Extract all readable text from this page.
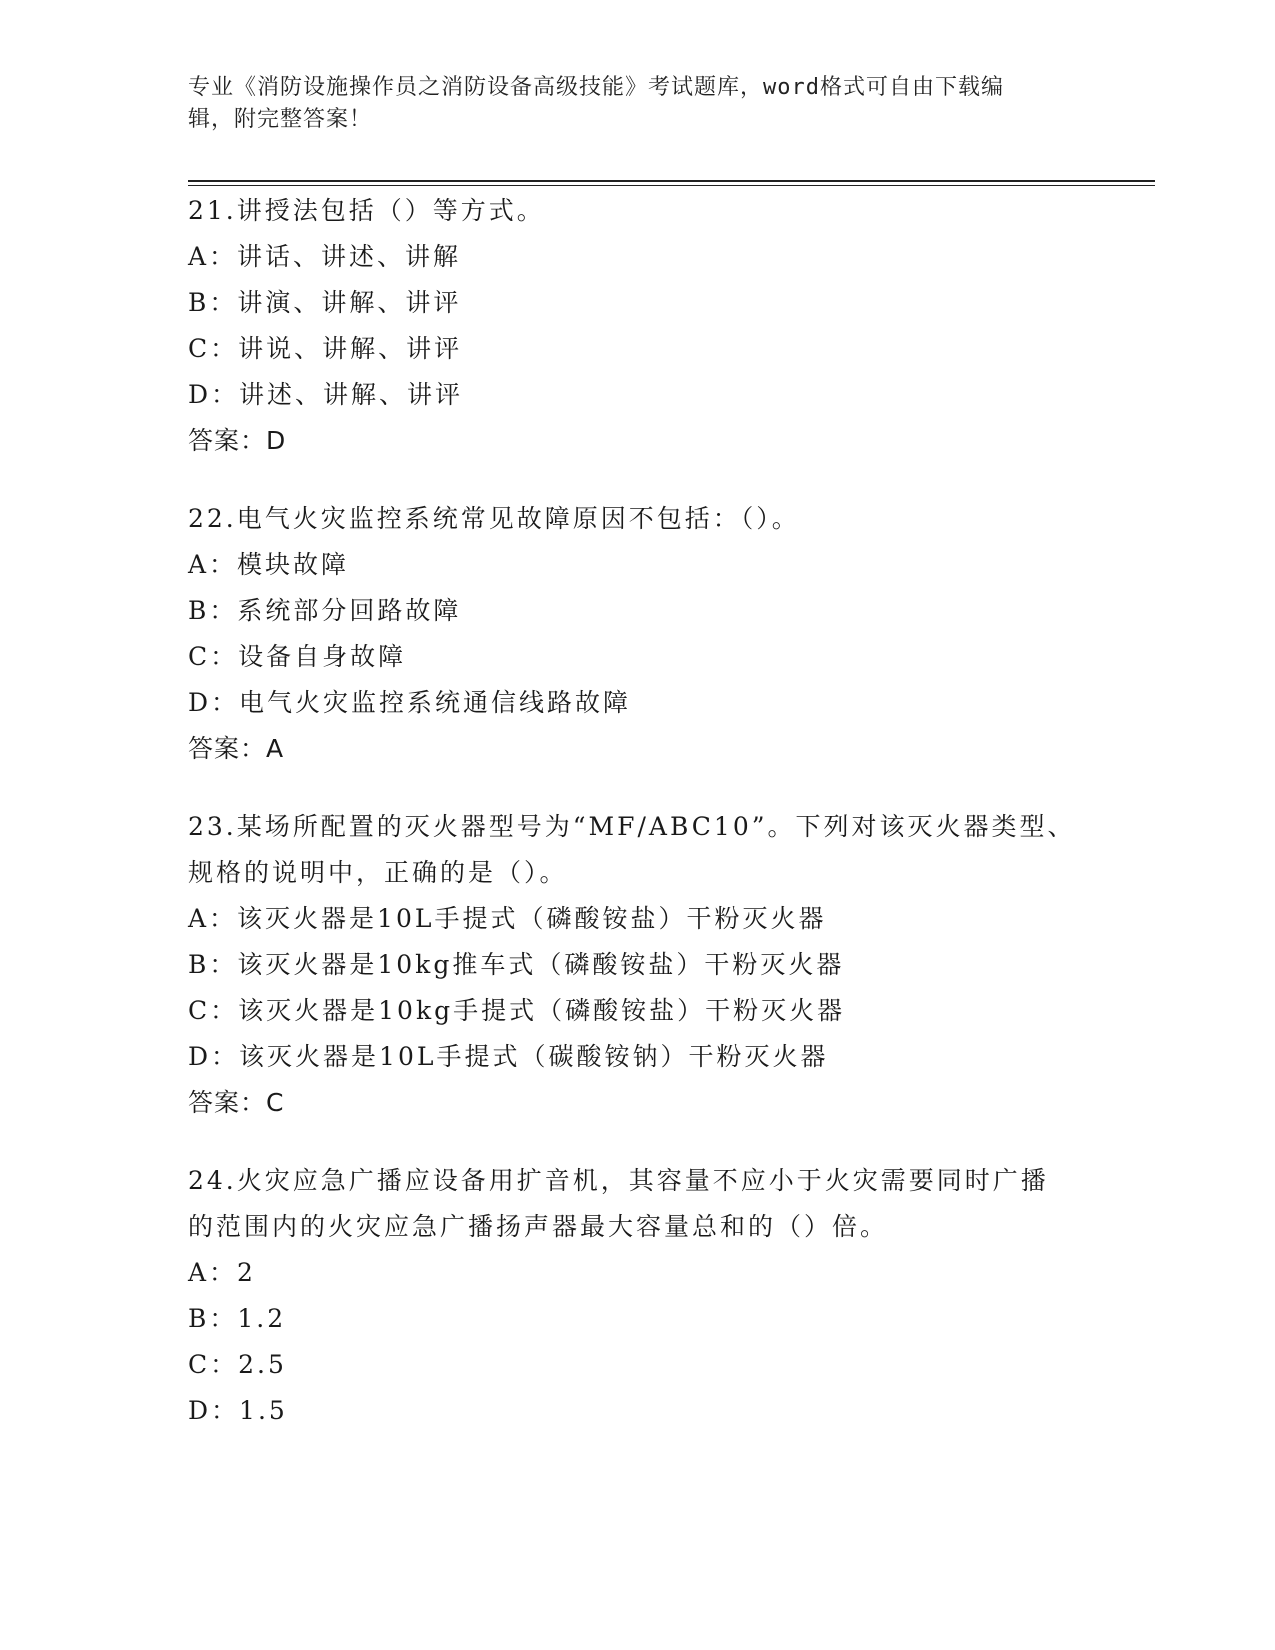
专业《消防设施操作员之消防设备高级技能》考试题库，word格式可自由下载编
辑，附完整答案！
21.讲授法包括（）等方式。
A：讲话、讲述、讲解
B：讲演、讲解、讲评
C：讲说、讲解、讲评
D：讲述、讲解、讲评
答案：D
22.电气火灾监控系统常见故障原因不包括：（）。
A：模块故障
B：系统部分回路故障
C：设备自身故障
D：电气火灾监控系统通信线路故障
答案：A
23.某场所配置的灭火器型号为“MF/ABC10”。下列对该灭火器类型、
规格的说明中，正确的是（）。
A：该灭火器是10L手提式（磷酸铵盐）干粉灭火器
B：该灭火器是10kg推车式（磷酸铵盐）干粉灭火器
C：该灭火器是10kg手提式（磷酸铵盐）干粉灭火器
D：该灭火器是10L手提式（碳酸铵钠）干粉灭火器
答案：C
24.火灾应急广播应设备用扩音机，其容量不应小于火灾需要同时广播
的范围内的火灾应急广播扬声器最大容量总和的（）倍。
A：2
B：1.2
C：2.5
D：1.5
